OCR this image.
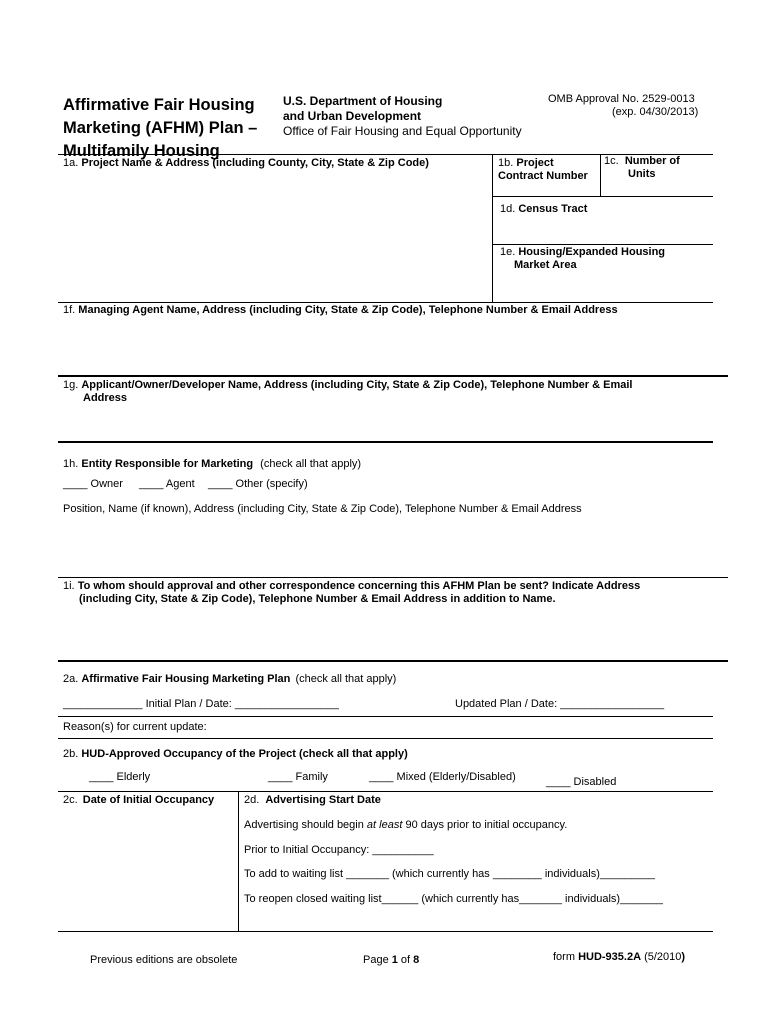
Affirmative Fair Housing
Marketing (AFHM) Plan –
Multifamily Housing
U.S. Department of Housing
and Urban Development
Office of Fair Housing and Equal Opportunity
OMB Approval No. 2529-0013
(exp. 04/30/2013)
1a. Project Name & Address (including County, City, State & Zip Code)	1b. Project
Contract Number
1c. Number of
Units
1d. Census Tract
1e. Housing/Expanded Housing
Market Area
1f. Managing Agent Name, Address (including City, State & Zip Code), Telephone Number & Email Address
1g. Applicant/Owner/Developer Name, Address (including City, State & Zip Code), Telephone Number & Email
Address
1h. Entity Responsible for Marketing (check all that apply)
____ Owner ____ Agent ____ Other (specify)
Position, Name (if known), Address (including City, State & Zip Code), Telephone Number & Email Address
1i. To whom should approval and other correspondence concerning this AFHM Plan be sent? Indicate Address
(including City, State & Zip Code), Telephone Number & Email Address in addition to Name.
2a. Affirmative Fair Housing Marketing Plan (check all that apply)
_____________ Initial Plan / Date: _________________	Updated Plan / Date: _________________
Reason(s) for current update:
2b. HUD-Approved Occupancy of the Project (check all that apply)
____ Elderly	____ Family	____ Mixed (Elderly/Disabled)	____ Disabled
2c. Date of Initial Occupancy	2d. Advertising Start Date
Advertising should begin at least 90 days prior to initial occupancy.
Prior to Initial Occupancy: __________
To add to waiting list _______ (which currently has ________ individuals)_________
To reopen closed waiting list______ (which currently has_______ individuals)_______
Previous editions are obsolete	Page 1 of 8	form HUD-935.2A (5/2010)
